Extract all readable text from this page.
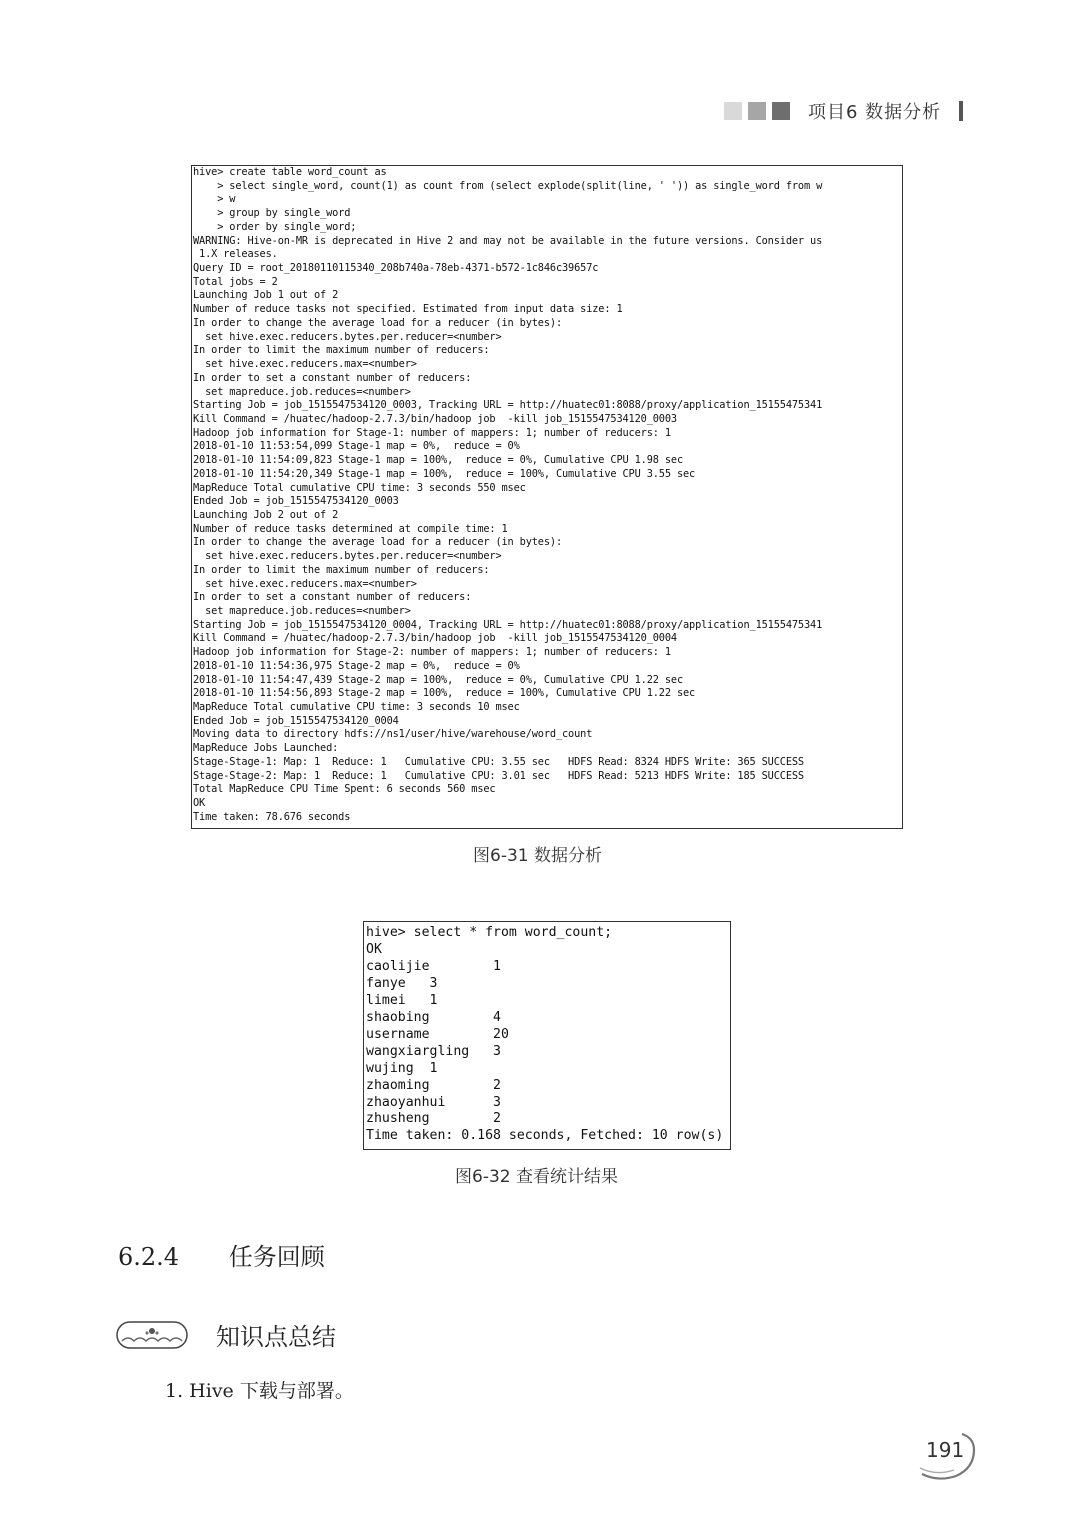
项目6 数据分析
hive> create table word_count as
> select single_word, count(1) as count from (select explode(split(line, ' ')) as single_word from w
> w
> group by single_word
> order by single_word;
WARNING: Hive-on-MR is deprecated in Hive 2 and may not be available in the future versions. Consider us
1.X releases.
Query ID = root_20180110115340_208b740a-78eb-4371-b572-1c846c39657c
Total jobs = 2
Launching Job 1 out of 2
Number of reduce tasks not specified. Estimated from input data size: 1
In order to change the average load for a reducer (in bytes):
set hive.exec.reducers.bytes.per.reducer=<number>
In order to limit the maximum number of reducers:
set hive.exec.reducers.max=<number>
In order to set a constant number of reducers:
set mapreduce.job.reduces=<number>
Starting Job = job_1515547534120_0003, Tracking URL = http://huatec01:8088/proxy/application_15155475341
Kill Command = /huatec/hadoop-2.7.3/bin/hadoop job  -kill job_1515547534120_0003
Hadoop job information for Stage-1: number of mappers: 1; number of reducers: 1
2018-01-10 11:53:54,099 Stage-1 map = 0%,  reduce = 0%
2018-01-10 11:54:09,823 Stage-1 map = 100%,  reduce = 0%, Cumulative CPU 1.98 sec
2018-01-10 11:54:20,349 Stage-1 map = 100%,  reduce = 100%, Cumulative CPU 3.55 sec
MapReduce Total cumulative CPU time: 3 seconds 550 msec
Ended Job = job_1515547534120_0003
Launching Job 2 out of 2
Number of reduce tasks determined at compile time: 1
In order to change the average load for a reducer (in bytes):
set hive.exec.reducers.bytes.per.reducer=<number>
In order to limit the maximum number of reducers:
set hive.exec.reducers.max=<number>
In order to set a constant number of reducers:
set mapreduce.job.reduces=<number>
Starting Job = job_1515547534120_0004, Tracking URL = http://huatec01:8088/proxy/application_15155475341
Kill Command = /huatec/hadoop-2.7.3/bin/hadoop job  -kill job_1515547534120_0004
Hadoop job information for Stage-2: number of mappers: 1; number of reducers: 1
2018-01-10 11:54:36,975 Stage-2 map = 0%,  reduce = 0%
2018-01-10 11:54:47,439 Stage-2 map = 100%,  reduce = 0%, Cumulative CPU 1.22 sec
2018-01-10 11:54:56,893 Stage-2 map = 100%,  reduce = 100%, Cumulative CPU 1.22 sec
MapReduce Total cumulative CPU time: 3 seconds 10 msec
Ended Job = job_1515547534120_0004
Moving data to directory hdfs://ns1/user/hive/warehouse/word_count
MapReduce Jobs Launched:
Stage-Stage-1: Map: 1  Reduce: 1   Cumulative CPU: 3.55 sec   HDFS Read: 8324 HDFS Write: 365 SUCCESS
Stage-Stage-2: Map: 1  Reduce: 1   Cumulative CPU: 3.01 sec   HDFS Read: 5213 HDFS Write: 185 SUCCESS
Total MapReduce CPU Time Spent: 6 seconds 560 msec
OK
Time taken: 78.676 seconds
图6-31 数据分析
hive> select * from word_count;
OK
caolijie        1
fanye   3
limei   1
shaobing        4
username        20
wangxiargling   3
wujing  1
zhaoming        2
zhaoyanhui      3
zhusheng        2
Time taken: 0.168 seconds, Fetched: 10 row(s)
图6-32 查看统计结果
6.2.4 任务回顾
知识点总结
1. Hive 下载与部署。
191
